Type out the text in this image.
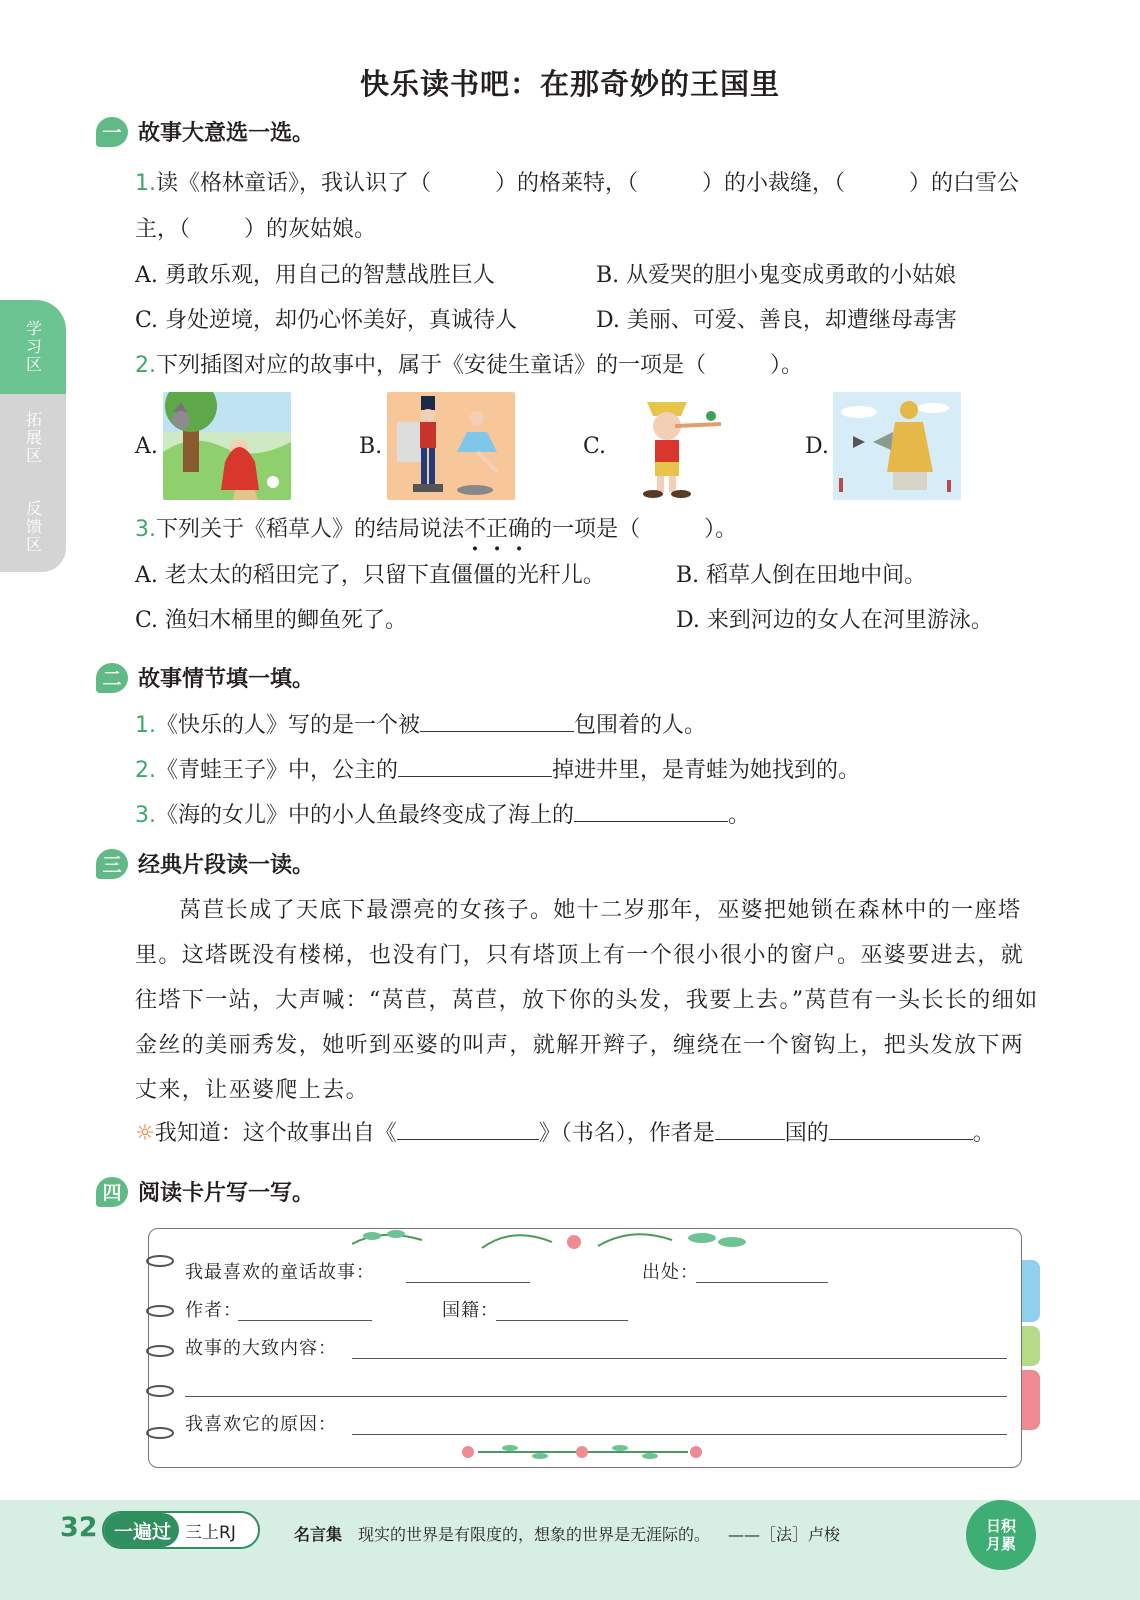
学习区
拓展区
反馈区
快乐读书吧：在那奇妙的王国里
一 故事大意选一选。
1.读《格林童话》，我认识了（	）的格莱特，（	）的小裁缝，（	）的白雪公
主，（ ）的灰姑娘。
A. 勇敢乐观，用自己的智慧战胜巨人	B. 从爱哭的胆小鬼变成勇敢的小姑娘
C. 身处逆境，却仍心怀美好，真诚待人	D. 美丽、可爱、善良，却遭继母毒害
2.下列插图对应的故事中，属于《安徒生童话》的一项是（	）。
A.	B.	C.	D.
3.下列关于《稻草人》的结局说法不正确的一项是（	）。
A. 老太太的稻田完了，只留下直僵僵的光秆儿。	B. 稻草人倒在田地中间。
C. 渔妇木桶里的鲫鱼死了。	D. 来到河边的女人在河里游泳。
二 故事情节填一填。
1.《快乐的人》写的是一个被	包围着的人。
2.《青蛙王子》中，公主的	掉进井里，是青蛙为她找到的。
3.《海的女儿》中的小人鱼最终变成了海上的	。
三 经典片段读一读。

莴苣长成了天底下最漂亮的女孩子。她十二岁那年，巫婆把她锁在森林中的一座塔里。这塔既没有楼梯，也没有门，只有塔顶上有一个很小很小的窗户。巫婆要进去，就往塔下一站，大声喊：“莴苣，莴苣，放下你的头发，我要上去。”莴苣有一头长长的细如金丝的美丽秀发，她听到巫婆的叫声，就解开辫子，缠绕在一个窗钩上，把头发放下两丈来，让巫婆爬上去。

☼我知道：这个故事出自《	》（书名），作者是	国的	。
四 阅读卡片写一写。
我最喜欢的童话故事：	出处：
作者：	国籍：
故事的大致内容：
我喜欢它的原因：
32 一遍过 三上RJ	名言集 现实的世界是有限度的，想象的世界是无涯际的。 ——［法］卢梭	日积
月累
